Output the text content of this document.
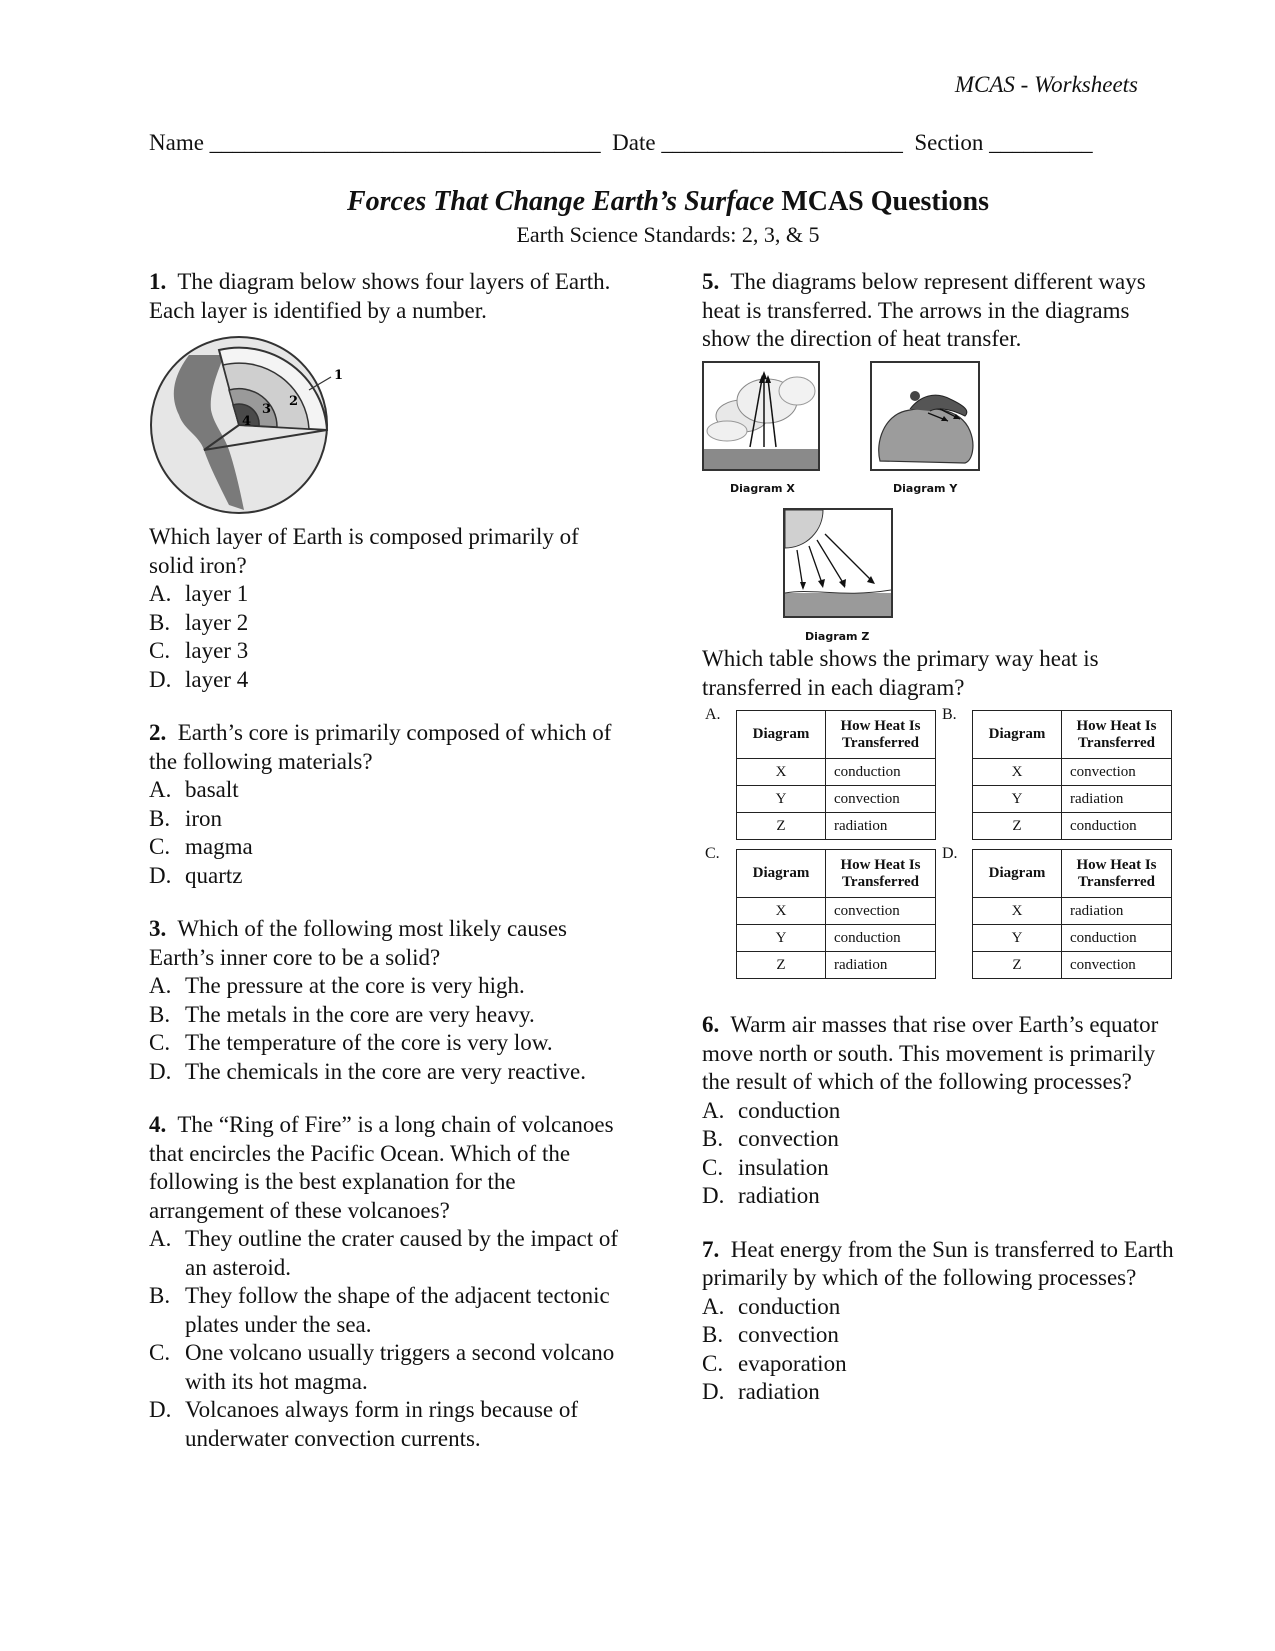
MCAS - Worksheets
Name __________________________________  Date _____________________  Section _________
Forces That Change Earth’s Surface MCAS Questions
Earth Science Standards: 2, 3, & 5
1. The diagram below shows four layers of Earth. Each layer is identified by a number.
1
2
3
4
Which layer of Earth is composed primarily of solid iron?
A. layer 1
B. layer 2
C. layer 3
D. layer 4
2. Earth’s core is primarily composed of which of the following materials?
A. basalt
B. iron
C. magma
D. quartz
3. Which of the following most likely causes Earth’s inner core to be a solid?
A. The pressure at the core is very high.
B. The metals in the core are very heavy.
C. The temperature of the core is very low.
D. The chemicals in the core are very reactive.
4. The “Ring of Fire” is a long chain of volcanoes that encircles the Pacific Ocean. Which of the following is the best explanation for the arrangement of these volcanoes?
A. They outline the crater caused by the impact of an asteroid.
B. They follow the shape of the adjacent tectonic plates under the sea.
C. One volcano usually triggers a second volcano with its hot magma.
D. Volcanoes always form in rings because of underwater convection currents.
5. The diagrams below represent different ways heat is transferred. The arrows in the diagrams show the direction of heat transfer.
Diagram X	Diagram Y
Diagram Z
Which table shows the primary way heat is transferred in each diagram?
A.
Diagram	How Heat Is Transferred
X	conduction
Y	convection
Z	radiation
B.
Diagram	How Heat Is Transferred
X	convection
Y	radiation
Z	conduction
C.
Diagram	How Heat Is Transferred
X	convection
Y	conduction
Z	radiation
D.
Diagram	How Heat Is Transferred
X	radiation
Y	conduction
Z	convection
6. Warm air masses that rise over Earth’s equator move north or south. This movement is primarily the result of which of the following processes?
A. conduction
B. convection
C. insulation
D. radiation
7. Heat energy from the Sun is transferred to Earth primarily by which of the following processes?
A. conduction
B. convection
C. evaporation
D. radiation
